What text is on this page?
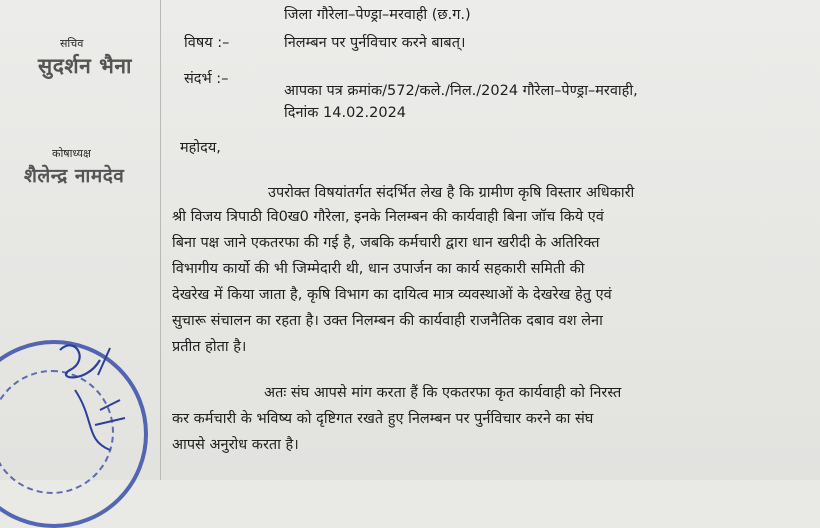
सचिव
सुदर्शन भैना
कोषाध्यक्ष
शैलेन्द्र नामदेव
जिला गौरेला–पेण्ड्रा–मरवाही (छ.ग.)
विषय :–	निलम्बन पर पुर्नविचार करने बाबत्।
संदर्भ :–
आपका पत्र क्रमांक/572/कले./निल./2024 गौरेला–पेण्ड्रा–मरवाही,
दिनांक 14.02.2024
महोदय,
उपरोक्त विषयांतर्गत संदर्भित लेख है कि ग्रामीण कृषि विस्तार अधिकारी
श्री विजय त्रिपाठी वि0ख0 गौरेला, इनके निलम्बन की कार्यवाही बिना जॉच किये एवं
बिना पक्ष जाने एकतरफा की गई है, जबकि कर्मचारी द्वारा धान खरीदी के अतिरिक्त
विभागीय कार्यो की भी जिम्मेदारी थी, धान उपार्जन का कार्य सहकारी समिती की
देखरेख में किया जाता है, कृषि विभाग का दायित्व मात्र व्यवस्थाओं के देखरेख हेतु एवं
सुचारू संचालन का रहता है। उक्त निलम्बन की कार्यवाही राजनैतिक दबाव वश लेना
प्रतीत होता है।
अतः संघ आपसे मांग करता हैं कि एकतरफा कृत कार्यवाही को निरस्त
कर कर्मचारी के भविष्य को दृष्टिगत रखते हुए निलम्बन पर पुर्नविचार करने का संघ
आपसे अनुरोध करता है।
